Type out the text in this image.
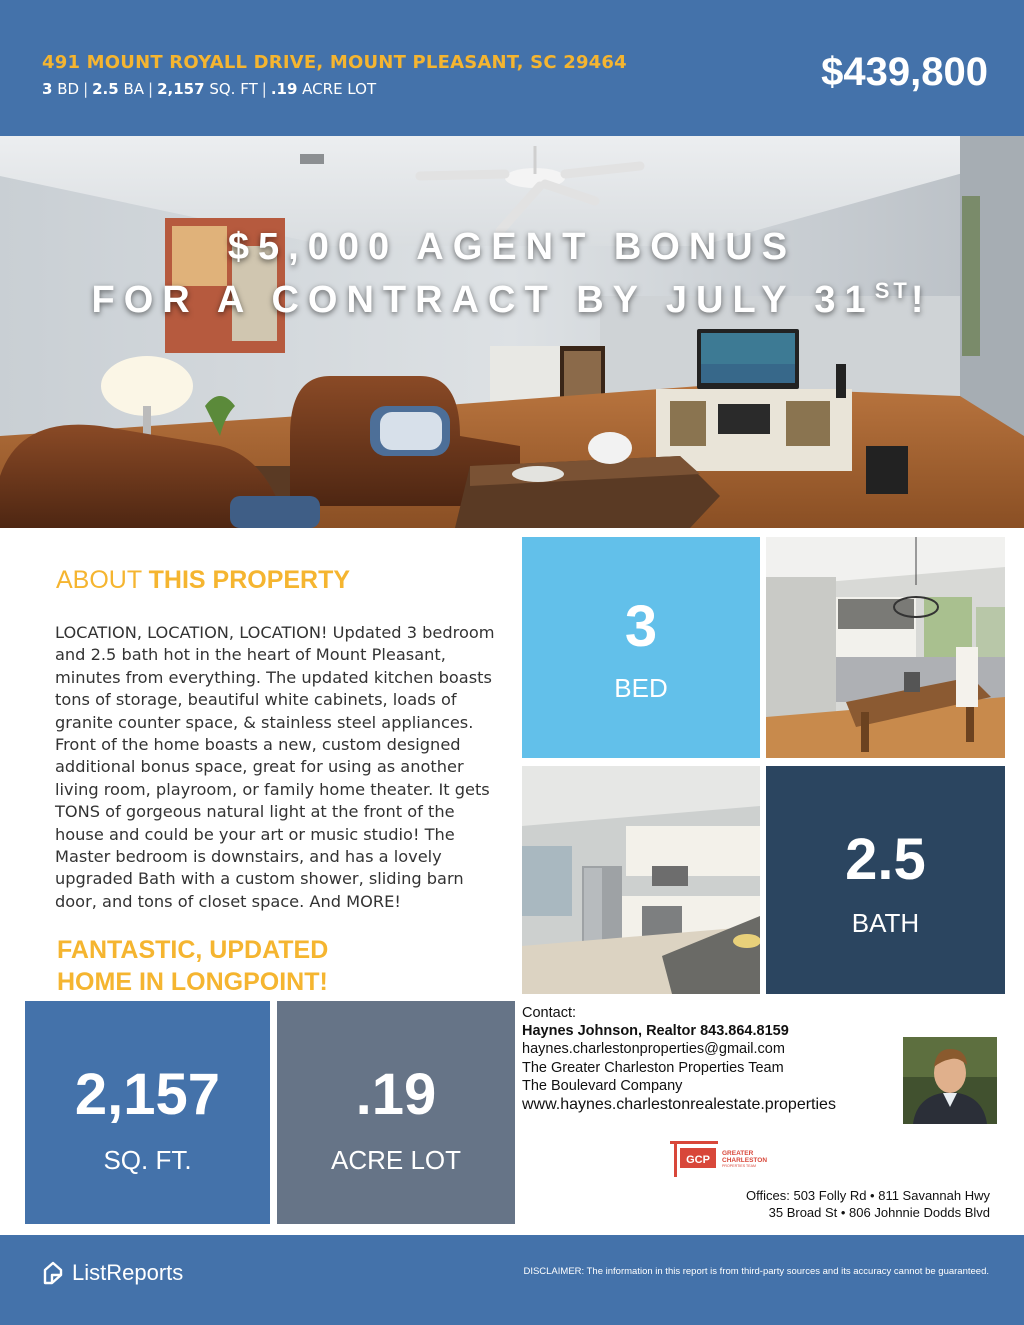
491 MOUNT ROYALL DRIVE, MOUNT PLEASANT, SC 29464
3 BD | 2.5 BA | 2,157 SQ. FT | .19 ACRE LOT	$439,800
$5,000 AGENT BONUS
FOR A CONTRACT BY JULY 31ST!
ABOUT THIS PROPERTY
LOCATION, LOCATION, LOCATION! Updated 3 bedroom and 2.5 bath hot in the heart of Mount Pleasant, minutes from everything. The updated kitchen boasts tons of storage, beautiful white cabinets, loads of granite counter space, & stainless steel appliances. Front of the home boasts a new, custom designed additional bonus space, great for using as another living room, playroom, or family home theater. It gets TONS of gorgeous natural light at the front of the house and could be your art or music studio! The Master bedroom is downstairs, and has a lovely upgraded Bath with a custom shower, sliding barn door, and tons of closet space. And MORE!
FANTASTIC, UPDATED
HOME IN LONGPOINT!
3
BED
2.5
BATH
2,157
SQ. FT.
.19
ACRE LOT
Contact:
Haynes Johnson, Realtor 843.864.8159
haynes.charlestonproperties@gmail.com
The Greater Charleston Properties Team
The Boulevard Company
www.haynes.charlestonrealestate.properties
GCP
GREATER
CHARLESTON
PROPERTIES TEAM
Offices: 503 Folly Rd • 811 Savannah Hwy
35 Broad St • 806 Johnnie Dodds Blvd
ListReports	DISCLAIMER: The information in this report is from third-party sources and its accuracy cannot be guaranteed.
